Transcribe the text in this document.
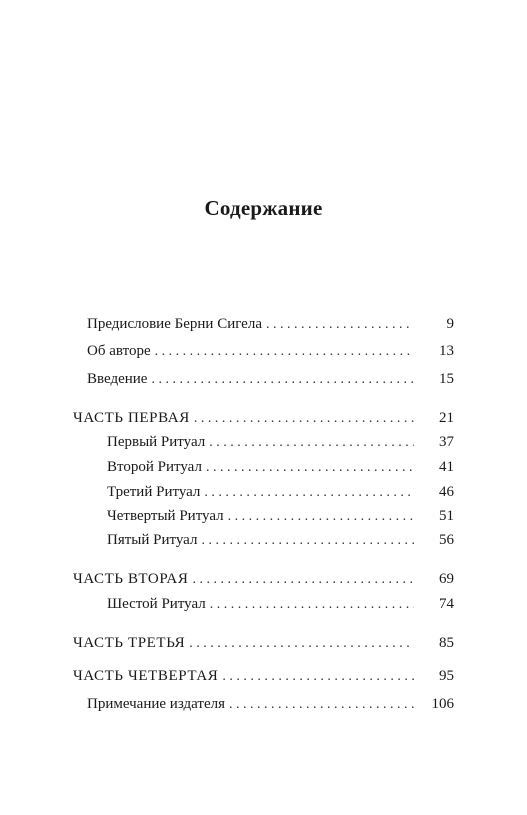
Содержание
Предисловие Берни Сигела . . .	9
Об авторе . . .	13
Введение . . .	15
ЧАСТЬ ПЕРВАЯ . . .	21
Первый Ритуал . . .	37
Второй Ритуал . . .	41
Третий Ритуал . . .	46
Четвертый Ритуал . . .	51
Пятый Ритуал . . .	56
ЧАСТЬ ВТОРАЯ . . .	69
Шестой Ритуал . . .	74
ЧАСТЬ ТРЕТЬЯ . . .	85
ЧАСТЬ ЧЕТВЕРТАЯ . . .	95
Примечание издателя . . .	106
